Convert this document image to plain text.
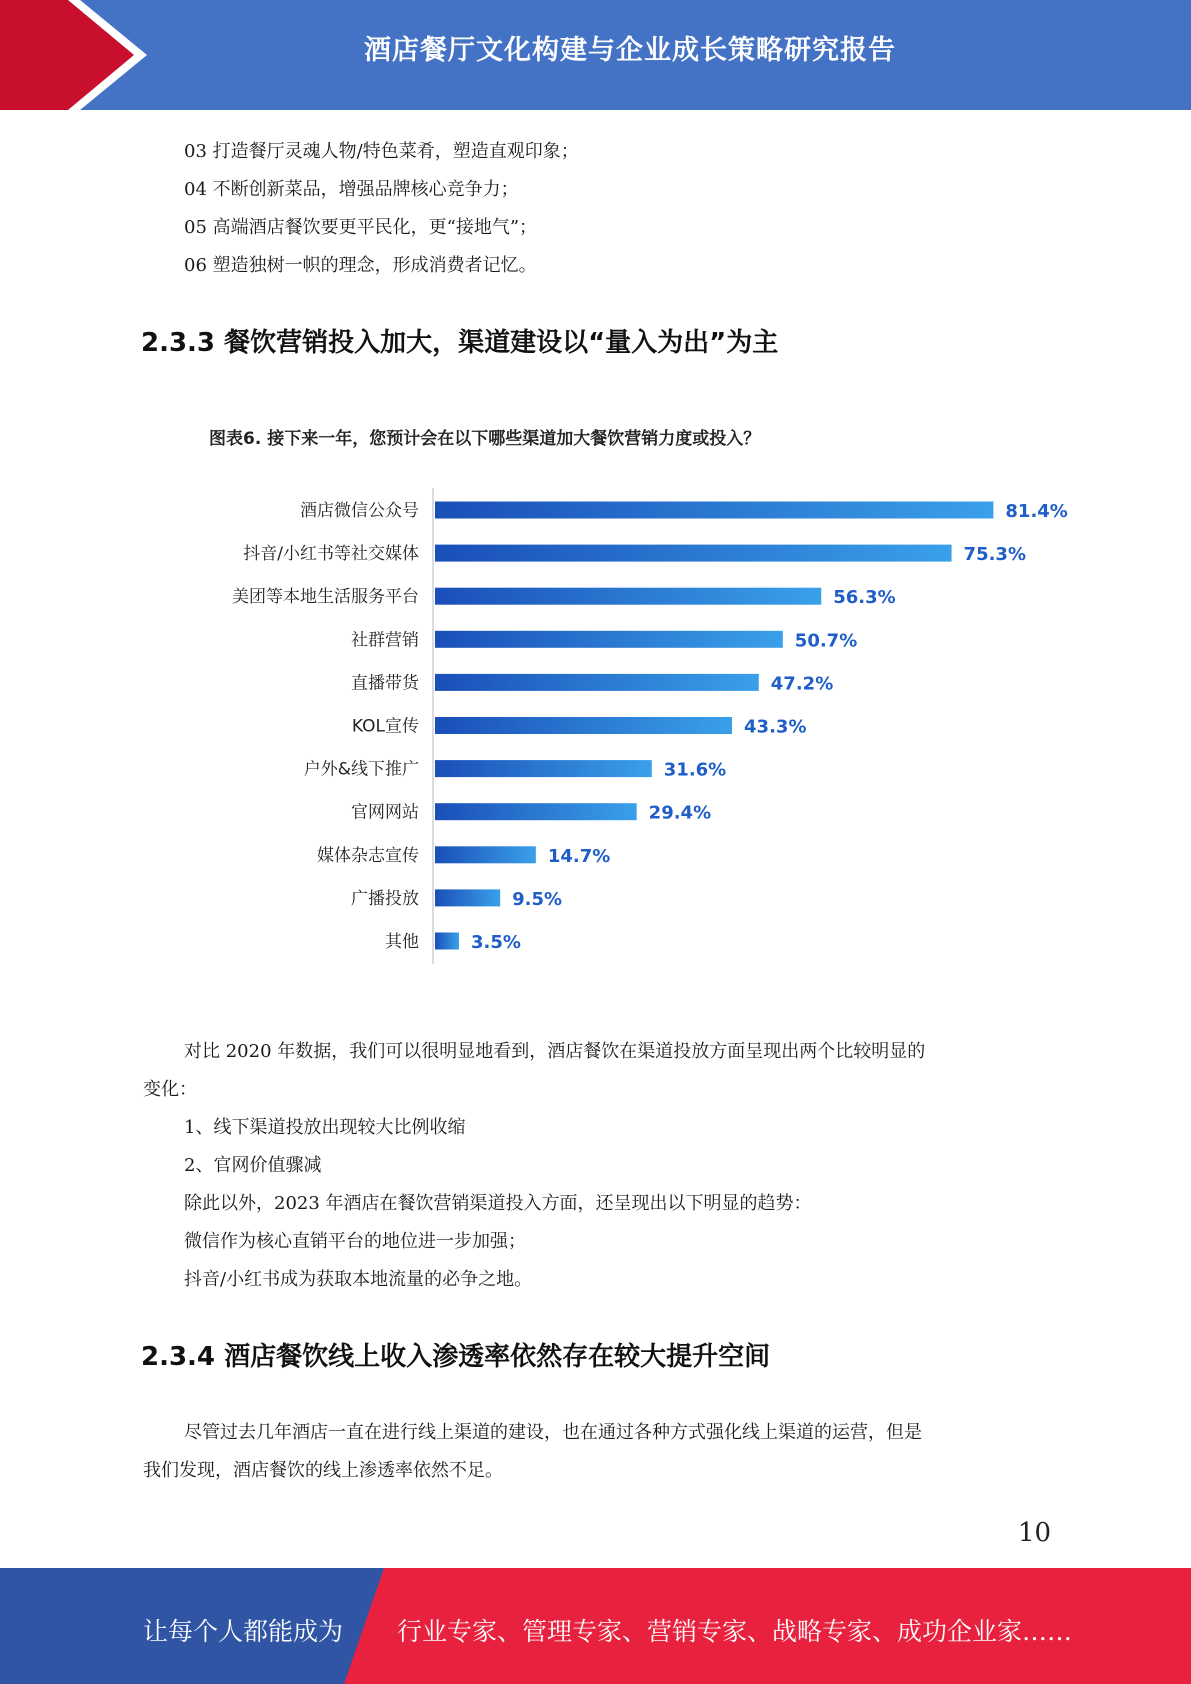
酒店餐厅文化构建与企业成长策略研究报告
03 打造餐厅灵魂人物/特色菜肴，塑造直观印象；
04 不断创新菜品，增强品牌核心竞争力；
05 高端酒店餐饮要更平民化，更“接地气”；
06 塑造独树一帜的理念，形成消费者记忆。
2.3.3 餐饮营销投入加大，渠道建设以“量入为出”为主
图表6. 接下来一年，您预计会在以下哪些渠道加大餐饮营销力度或投入？
酒店微信公众号	81.4%
抖音/小红书等社交媒体	75.3%
美团等本地生活服务平台	56.3%
社群营销	50.7%
直播带货	47.2%
KOL宣传	43.3%
户外&线下推广	31.6%
官网网站	29.4%
媒体杂志宣传	14.7%
广播投放	9.5%
其他	3.5%
对比 2020 年数据，我们可以很明显地看到，酒店餐饮在渠道投放方面呈现出两个比较明显的
变化：
1、线下渠道投放出现较大比例收缩
2、官网价值骤减
除此以外，2023 年酒店在餐饮营销渠道投入方面，还呈现出以下明显的趋势：
微信作为核心直销平台的地位进一步加强；
抖音/小红书成为获取本地流量的必争之地。
2.3.4 酒店餐饮线上收入渗透率依然存在较大提升空间
尽管过去几年酒店一直在进行线上渠道的建设，也在通过各种方式强化线上渠道的运营，但是
我们发现，酒店餐饮的线上渗透率依然不足。
10
让每个人都能成为 行业专家、管理专家、营销专家、战略专家、成功企业家……
